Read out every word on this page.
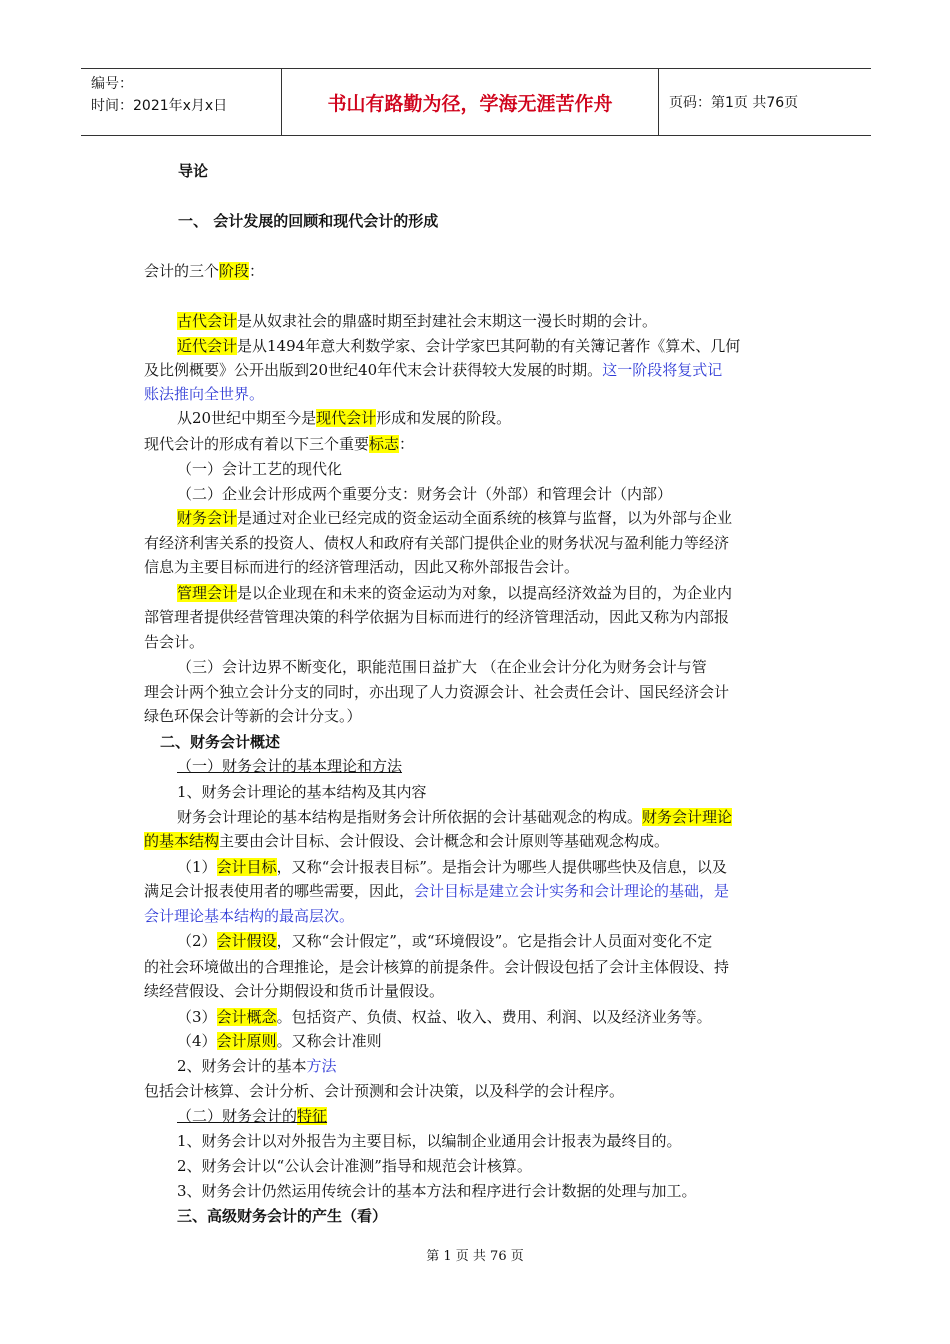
编号：
时间：2021年x月x日	书山有路勤为径，学海无涯苦作舟	页码：第1页 共76页
导论
一、 会计发展的回顾和现代会计的形成
会计的三个阶段：
古代会计是从奴隶社会的鼎盛时期至封建社会末期这一漫长时期的会计。
近代会计是从1494年意大利数学家、会计学家巴其阿勒的有关簿记著作《算术、几何
及比例概要》公开出版到20世纪40年代末会计获得较大发展的时期。这一阶段将复式记
账法推向全世界。
从20世纪中期至今是现代会计形成和发展的阶段。
现代会计的形成有着以下三个重要标志：
（一）会计工艺的现代化
（二）企业会计形成两个重要分支：财务会计（外部）和管理会计（内部）
财务会计是通过对企业已经完成的资金运动全面系统的核算与监督，以为外部与企业
有经济利害关系的投资人、债权人和政府有关部门提供企业的财务状况与盈利能力等经济
信息为主要目标而进行的经济管理活动，因此又称外部报告会计。
管理会计是以企业现在和未来的资金运动为对象，以提高经济效益为目的，为企业内
部管理者提供经营管理决策的科学依据为目标而进行的经济管理活动，因此又称为内部报
告会计。
（三）会计边界不断变化，职能范围日益扩大 （在企业会计分化为财务会计与管
理会计两个独立会计分支的同时，亦出现了人力资源会计、社会责任会计、国民经济会计
绿色环保会计等新的会计分支。）
二、财务会计概述
（一）财务会计的基本理论和方法
1、财务会计理论的基本结构及其内容
财务会计理论的基本结构是指财务会计所依据的会计基础观念的构成。财务会计理论
的基本结构主要由会计目标、会计假设、会计概念和会计原则等基础观念构成。
（1）会计目标，又称“会计报表目标”。是指会计为哪些人提供哪些快及信息，以及
满足会计报表使用者的哪些需要，因此，会计目标是建立会计实务和会计理论的基础，是
会计理论基本结构的最高层次。
（2）会计假设，又称“会计假定”，或“环境假设”。它是指会计人员面对变化不定
的社会环境做出的合理推论，是会计核算的前提条件。会计假设包括了会计主体假设、持
续经营假设、会计分期假设和货币计量假设。
（3）会计概念。包括资产、负债、权益、收入、费用、利润、以及经济业务等。
（4）会计原则。又称会计准则
2、财务会计的基本方法
包括会计核算、会计分析、会计预测和会计决策，以及科学的会计程序。
（二）财务会计的特征
1、财务会计以对外报告为主要目标，以编制企业通用会计报表为最终目的。
2、财务会计以“公认会计准测”指导和规范会计核算。
3、财务会计仍然运用传统会计的基本方法和程序进行会计数据的处理与加工。
三、高级财务会计的产生（看）
第 1 页 共 76 页
